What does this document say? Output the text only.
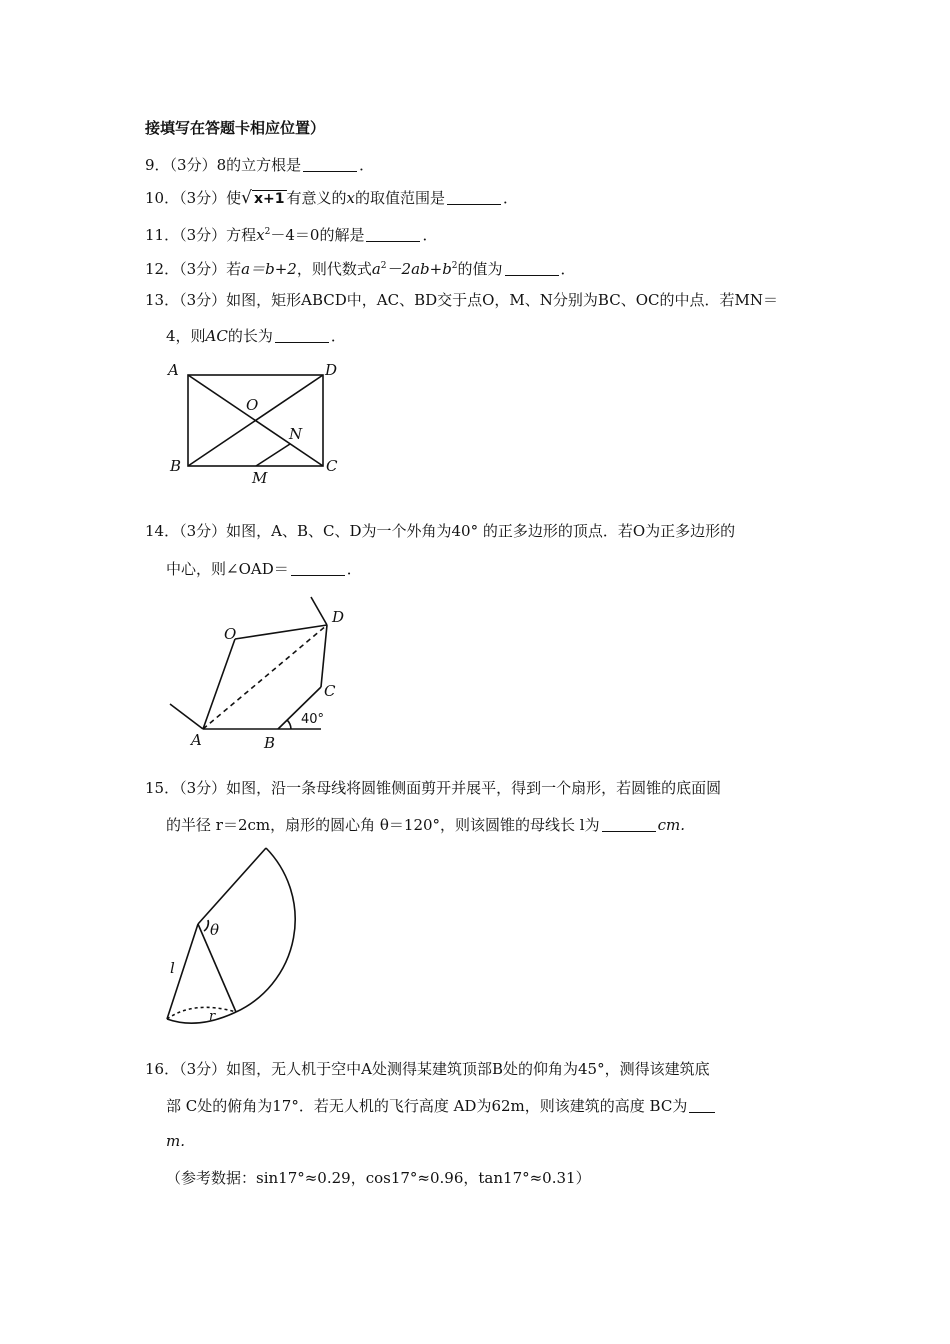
接填写在答题卡相应位置）
9．（3分）8的立方根是	．
10．（3分）使√ x+1 有意义的x的取值范围是	．
11．（3分）方程$x^2-4=0$的解是	．
12．（3分）若a＝b+2，则代数式$a^2-2ab+b^2$的值为	．
13．（3分）如图，矩形ABCD中，AC、BD交于点O，M、N分别为BC、OC的中点．若MN＝
4，则AC的长为	．
A
B	C
D
O
N
M
14．（3分）如图，A、B、C、D为一个外角为40° 的正多边形的顶点．若O为正多边形的
中心，则∠OAD＝	．
O
D
C
A	B
40°
15．（3分）如图，沿一条母线将圆锥侧面剪开并展平，得到一个扇形，若圆锥的底面圆
的半径 r＝2cm，扇形的圆心角 θ＝120°，则该圆锥的母线长 l为	cm.
θ
l
r
16．（3分）如图，无人机于空中A处测得某建筑顶部B处的仰角为45°，测得该建筑底
部 C处的俯角为17°．若无人机的飞行高度 AD为62m，则该建筑的高度 BC为
m.
（参考数据：sin17°≈0.29，cos17°≈0.96，tan17°≈0.31）
